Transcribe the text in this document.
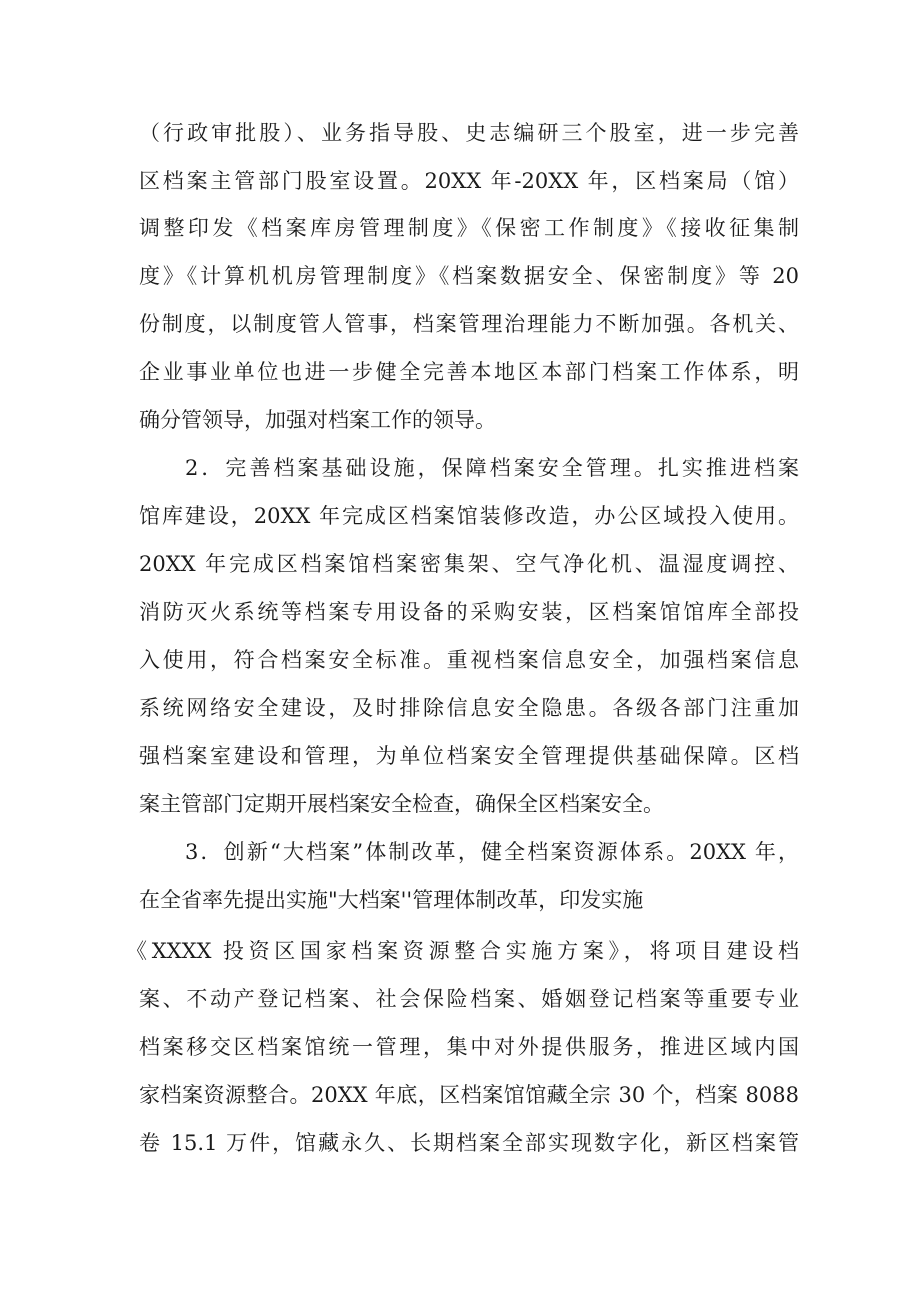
（行政审批股）、业务指导股、史志编研三个股室，进一步完善
区档案主管部门股室设置。20XX 年-20XX 年，区档案局（馆）
调整印发《档案库房管理制度》《保密工作制度》《接收征集制
度》《计算机机房管理制度》《档案数据安全、保密制度》等 20
份制度，以制度管人管事，档案管理治理能力不断加强。各机关、
企业事业单位也进一步健全完善本地区本部门档案工作体系，明
确分管领导，加强对档案工作的领导。
2．完善档案基础设施，保障档案安全管理。扎实推进档案
馆库建设，20XX 年完成区档案馆装修改造，办公区域投入使用。
20XX 年完成区档案馆档案密集架、空气净化机、温湿度调控、
消防灭火系统等档案专用设备的采购安装，区档案馆馆库全部投
入使用，符合档案安全标准。重视档案信息安全，加强档案信息
系统网络安全建设，及时排除信息安全隐患。各级各部门注重加
强档案室建设和管理，为单位档案安全管理提供基础保障。区档
案主管部门定期开展档案安全检查，确保全区档案安全。
3．创新“大档案”体制改革，健全档案资源体系。20XX 年，
在全省率先提出实施"大档案''管理体制改革，印发实施
《XXXX 投资区国家档案资源整合实施方案》，将项目建设档
案、不动产登记档案、社会保险档案、婚姻登记档案等重要专业
档案移交区档案馆统一管理，集中对外提供服务，推进区域内国
家档案资源整合。20XX 年底，区档案馆馆藏全宗 30 个，档案 8088
卷 15.1 万件，馆藏永久、长期档案全部实现数字化，新区档案管
